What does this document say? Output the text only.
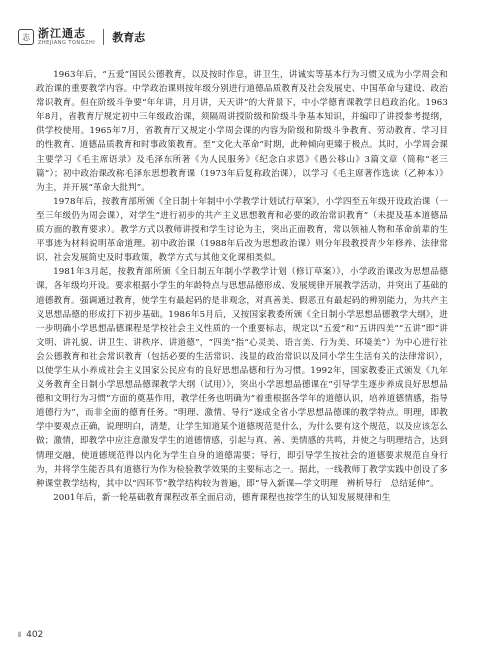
志 浙江通志
ZHEJIANG TONGZHI 教育志

1963年后，“五爱”国民公德教育，以及按时作息，讲卫生，讲诚实等基本行为习惯又成为小学周会和政治课的重要教学内容。中学政治课则按年级分别进行道德品质教育及社会发展史、中国革命与建设、政治常识教育。但在阶级斗争要“年年讲，月月讲，天天讲”的大背景下，中小学德育课教学日趋政治化。1963年8月，省教育厅规定初中三年级政治课，须隔周讲授阶级和阶级斗争基本知识，并编印了讲授参考提纲，供学校使用。1965年7月，省教育厅又规定小学周会课的内容为阶级和阶级斗争教育、劳动教育、学习目的性教育、道德品质教育和时事政策教育。至“文化大革命”时期，此种倾向更臻于极点。其时，小学周会课主要学习《毛主席语录》及毛泽东所著《为人民服务》《纪念白求恩》《愚公移山》3篇文章（简称“老三篇”）；初中政治课改称毛泽东思想教育课（1973年后复称政治课），以学习《毛主席著作选读（乙种本）》为主，并开展“革命大批判”。

1978年后，按教育部所颁《全日制十年制中小学教学计划试行草案》，小学四至五年级开设政治课（一至三年级仍为周会课），对学生“进行初步的共产主义思想教育和必要的政治常识教育”（未提及基本道德品质方面的教育要求）。教学方式以教师讲授和学生讨论为主，突出正面教育，常以领袖人物和革命前辈的生平事迹为材料说明革命道理。初中政治课（1988年后改为思想政治课）则分年段教授青少年修养、法律常识、社会发展简史及时事政策，教学方式与其他文化课相类似。

1981年3月起，按教育部所颁《全日制五年制小学教学计划（修订草案）》，小学政治课改为思想品德课，各年级均开设。要求根据小学生的年龄特点与思想品德形成、发展规律开展教学活动，并突出了基础的道德教育。强调通过教育，使学生有最起码的是非观念，对真善美、假恶丑有最起码的辨别能力，为共产主义思想品德的形成打下初步基础。1986年5月后，又按国家教委所颁《全日制小学思想品德教学大纲》，进一步明确小学思想品德课程是学校社会主义性质的一个重要标志，规定以“五爱”和“五讲四美”“五讲”即“讲文明、讲礼貌、讲卫生、讲秩序、讲道德”，“四美”指“心灵美、语言美、行为美、环境美”）为中心进行社会公德教育和社会常识教育（包括必要的生活常识、浅显的政治常识以及同小学生生活有关的法律常识），以使学生从小养成社会主义国家公民应有的良好思想品德和行为习惯。1992年，国家教委正式颁发《九年义务教育全日制小学思想品德课教学大纲（试用）》，突出小学思想品德课在“引导学生逐步养成良好思想品德和文明行为习惯”方面的奠基作用，教学任务也明确为“着重根据各学年的道德认识，培养道德情感，指导道德行为”，而非全面的德育任务。“明理、激情、导行”遂成全省小学思想品德课的教学特点。明理，即教学中要观点正确，说理明白，清楚，让学生知道某个道德规范是什么，为什么要有这个规范，以及应该怎么做；激情，即教学中应注意激发学生的道德情感，引起与真、善、美情感的共鸣，并使之与明理结合，达到情理交融，使道德规范得以内化为学生自身的道德需要；导行，即引导学生按社会的道德要求规范自身行为，并将学生能否具有道德行为作为检验教学效果的主要标志之一。据此，一线教师丁教学实践中创设了多种课堂教学结构，其中以“四环节”教学结构较为普遍，即“导入新课—学文明理　辨析导行　总结延伸”。

2001年后，新一轮基础教育课程改革全面启动，德育课程也按学生的认知发展规律和生

⦀ 402
